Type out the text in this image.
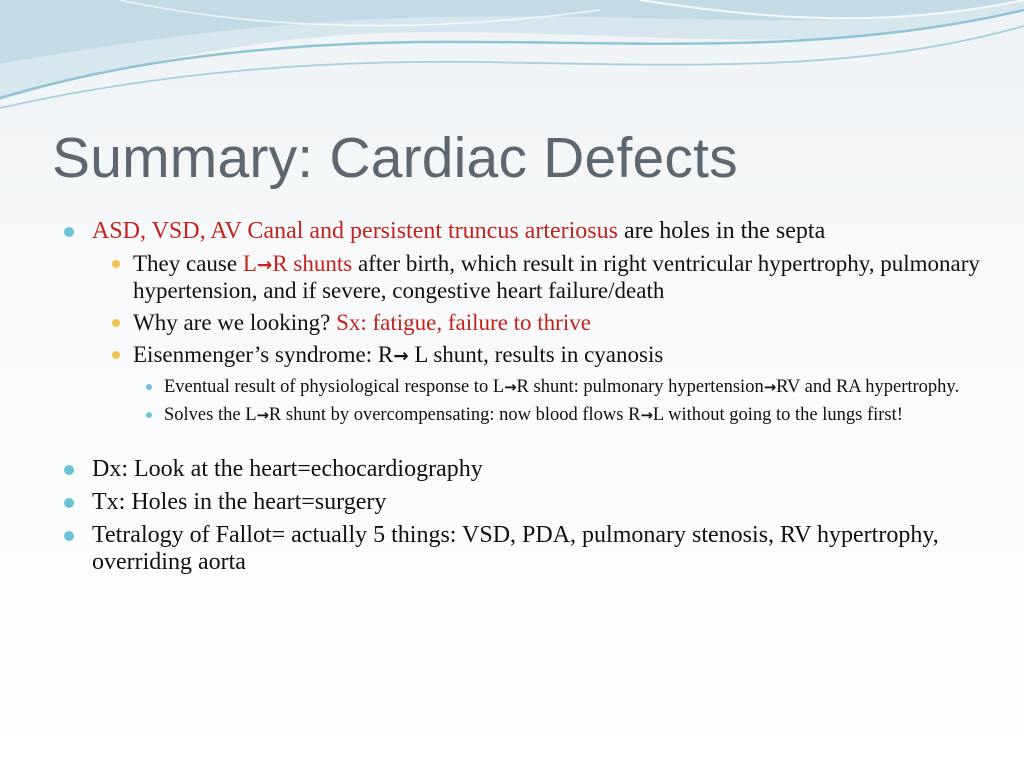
Summary: Cardiac Defects
ASD, VSD, AV Canal and persistent truncus arteriosus are holes in the septa
They cause L→R shunts after birth, which result in right ventricular hypertrophy, pulmonary hypertension, and if severe, congestive heart failure/death
Why are we looking? Sx: fatigue, failure to thrive
Eisenmenger’s syndrome: R→ L shunt, results in cyanosis
Eventual result of physiological response to L→R shunt: pulmonary hypertension→RV and RA hypertrophy.
Solves the L→R shunt by overcompensating: now blood flows R→L without going to the lungs first!
Dx: Look at the heart=echocardiography
Tx: Holes in the heart=surgery
Tetralogy of Fallot= actually 5 things: VSD, PDA, pulmonary stenosis, RV hypertrophy, overriding aorta
